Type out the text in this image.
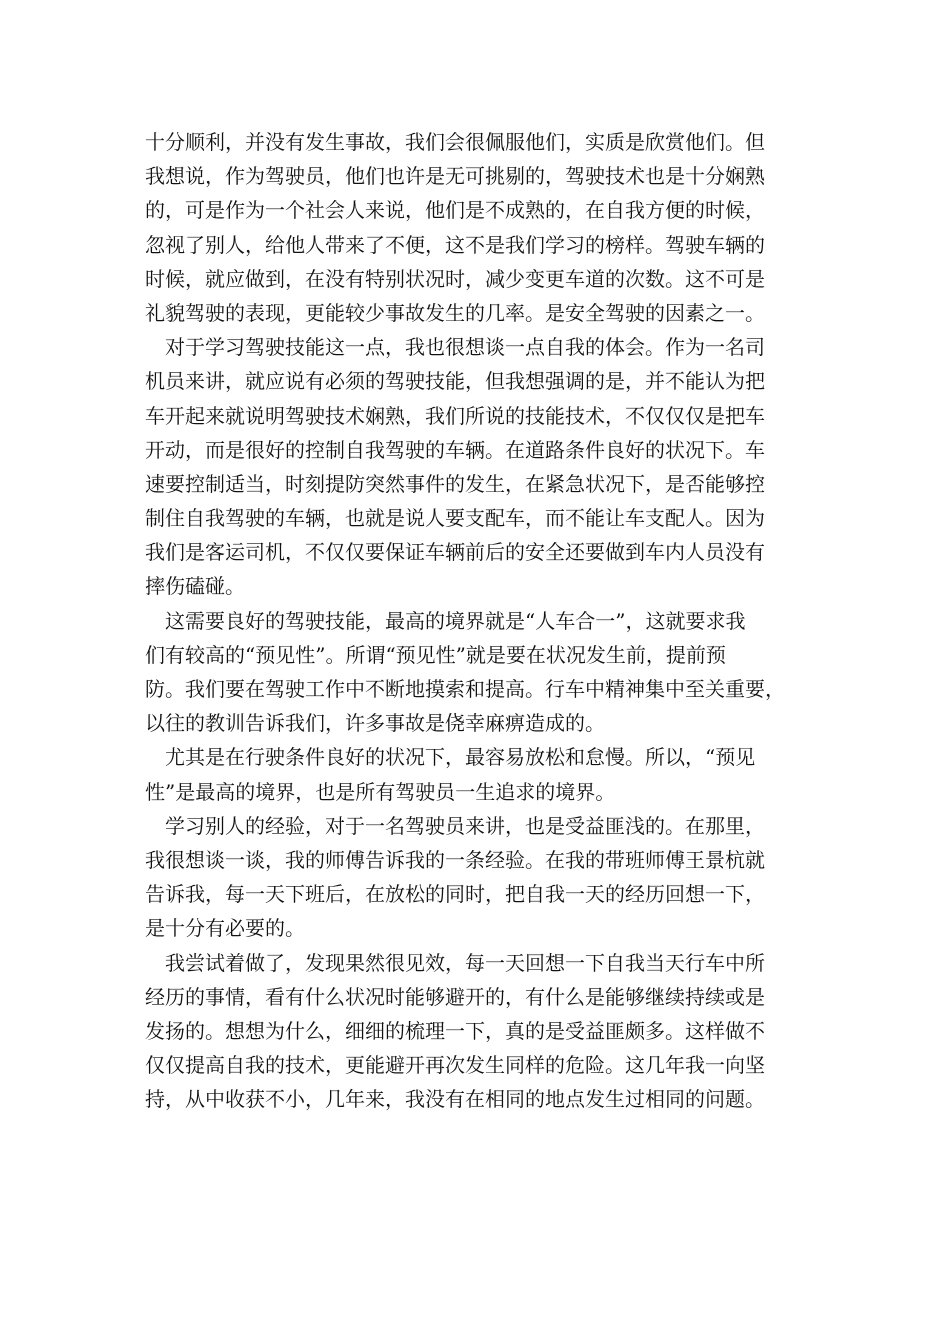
十分顺利，并没有发生事故，我们会很佩服他们，实质是欣赏他们。但
我想说，作为驾驶员，他们也许是无可挑剔的，驾驶技术也是十分娴熟
的，可是作为一个社会人来说，他们是不成熟的，在自我方便的时候，
忽视了别人，给他人带来了不便，这不是我们学习的榜样。驾驶车辆的
时候，就应做到，在没有特别状况时，减少变更车道的次数。这不可是
礼貌驾驶的表现，更能较少事故发生的几率。是安全驾驶的因素之一。
　对于学习驾驶技能这一点，我也很想谈一点自我的体会。作为一名司
机员来讲，就应说有必须的驾驶技能，但我想强调的是，并不能认为把
车开起来就说明驾驶技术娴熟，我们所说的技能技术，不仅仅仅是把车
开动，而是很好的控制自我驾驶的车辆。在道路条件良好的状况下。车
速要控制适当，时刻提防突然事件的发生，在紧急状况下，是否能够控
制住自我驾驶的车辆，也就是说人要支配车，而不能让车支配人。因为
我们是客运司机，不仅仅要保证车辆前后的安全还要做到车内人员没有
摔伤磕碰。
　这需要良好的驾驶技能，最高的境界就是“人车合一”，这就要求我
们有较高的“预见性”。所谓“预见性”就是要在状况发生前，提前预
防。我们要在驾驶工作中不断地摸索和提高。行车中精神集中至关重要，
以往的教训告诉我们，许多事故是侥幸麻痹造成的。
　尤其是在行驶条件良好的状况下，最容易放松和怠慢。所以，“预见
性”是最高的境界，也是所有驾驶员一生追求的境界。
　学习别人的经验，对于一名驾驶员来讲，也是受益匪浅的。在那里，
我很想谈一谈，我的师傅告诉我的一条经验。在我的带班师傅王景杭就
告诉我，每一天下班后，在放松的同时，把自我一天的经历回想一下，
是十分有必要的。
　我尝试着做了，发现果然很见效，每一天回想一下自我当天行车中所
经历的事情，看有什么状况时能够避开的，有什么是能够继续持续或是
发扬的。想想为什么，细细的梳理一下，真的是受益匪颇多。这样做不
仅仅提高自我的技术，更能避开再次发生同样的危险。这几年我一向坚
持，从中收获不小，几年来，我没有在相同的地点发生过相同的问题。
